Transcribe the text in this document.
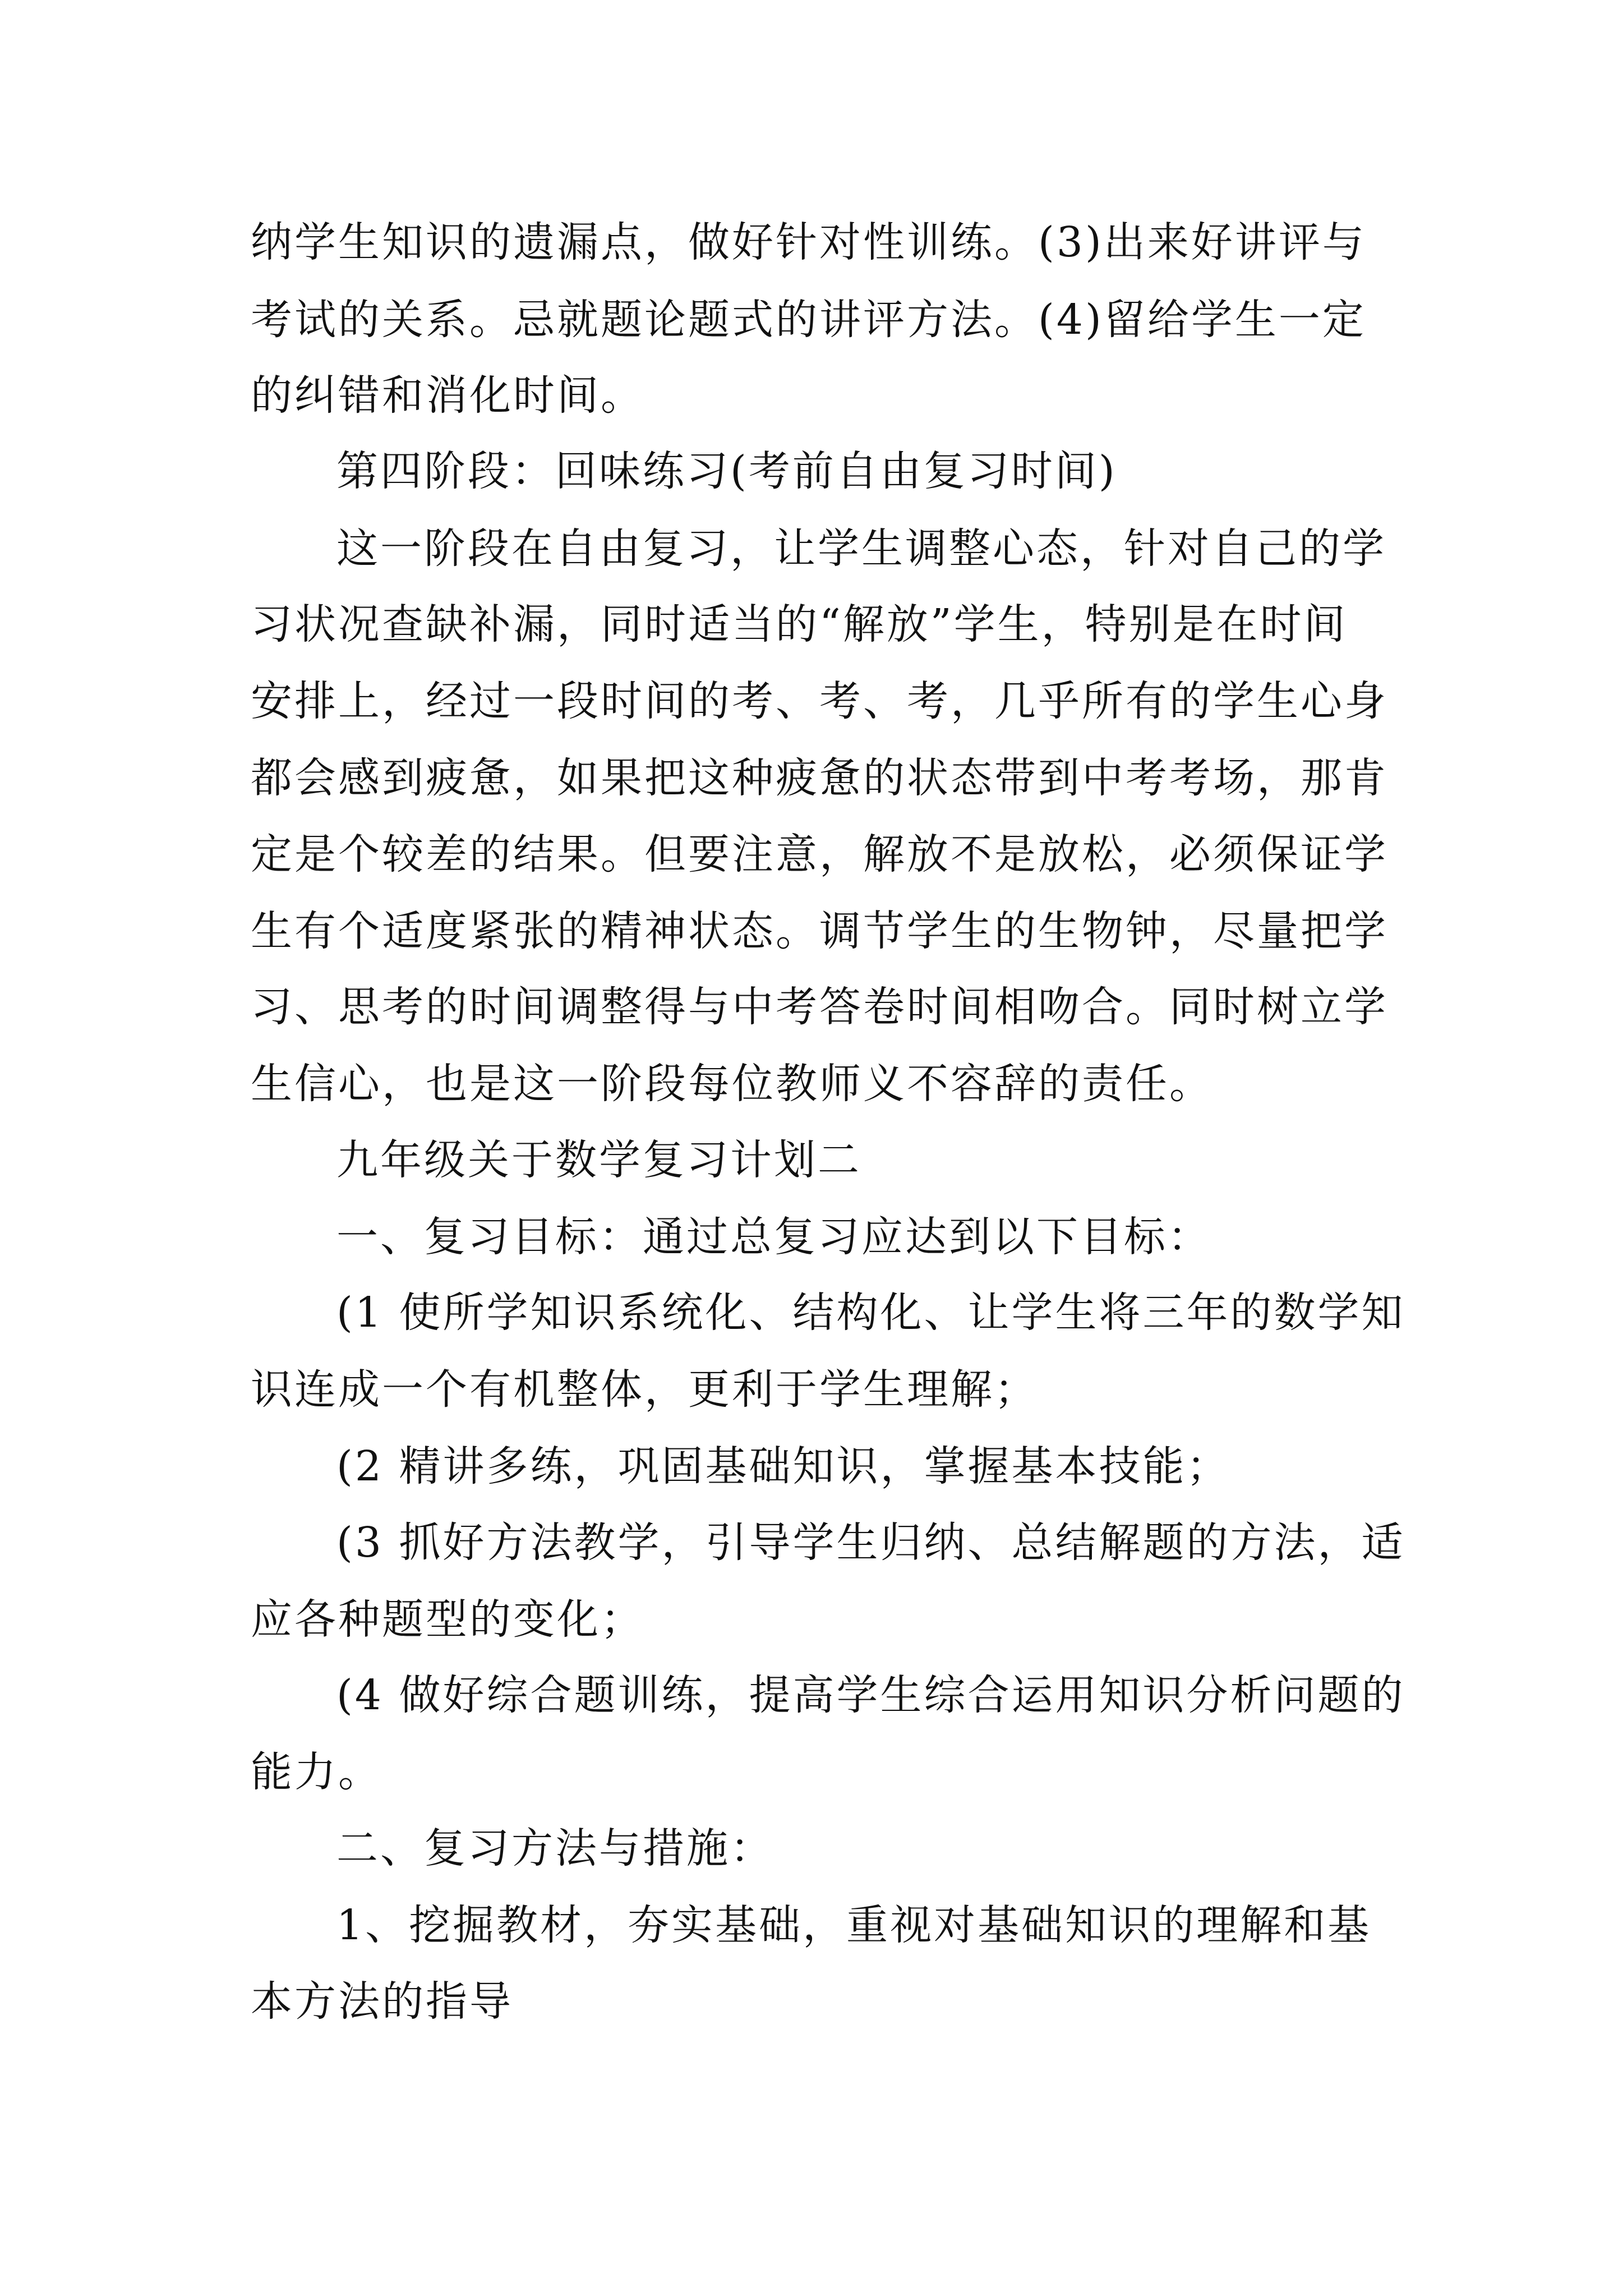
纳学生知识的遗漏点，做好针对性训练。(3)出来好讲评与
考试的关系。忌就题论题式的讲评方法。(4)留给学生一定
的纠错和消化时间。
第四阶段：回味练习(考前自由复习时间)
这一阶段在自由复习，让学生调整心态，针对自己的学
习状况查缺补漏，同时适当的“解放”学生，特别是在时间
安排上，经过一段时间的考、考、考，几乎所有的学生心身
都会感到疲惫，如果把这种疲惫的状态带到中考考场，那肯
定是个较差的结果。但要注意，解放不是放松，必须保证学
生有个适度紧张的精神状态。调节学生的生物钟，尽量把学
习、思考的时间调整得与中考答卷时间相吻合。同时树立学
生信心，也是这一阶段每位教师义不容辞的责任。
九年级关于数学复习计划二
一、复习目标：通过总复习应达到以下目标：
(1 使所学知识系统化、结构化、让学生将三年的数学知
识连成一个有机整体，更利于学生理解；
(2 精讲多练，巩固基础知识，掌握基本技能；
(3 抓好方法教学，引导学生归纳、总结解题的方法，适
应各种题型的变化；
(4 做好综合题训练，提高学生综合运用知识分析问题的
能力。
二、复习方法与措施：
1、挖掘教材，夯实基础，重视对基础知识的理解和基
本方法的指导
